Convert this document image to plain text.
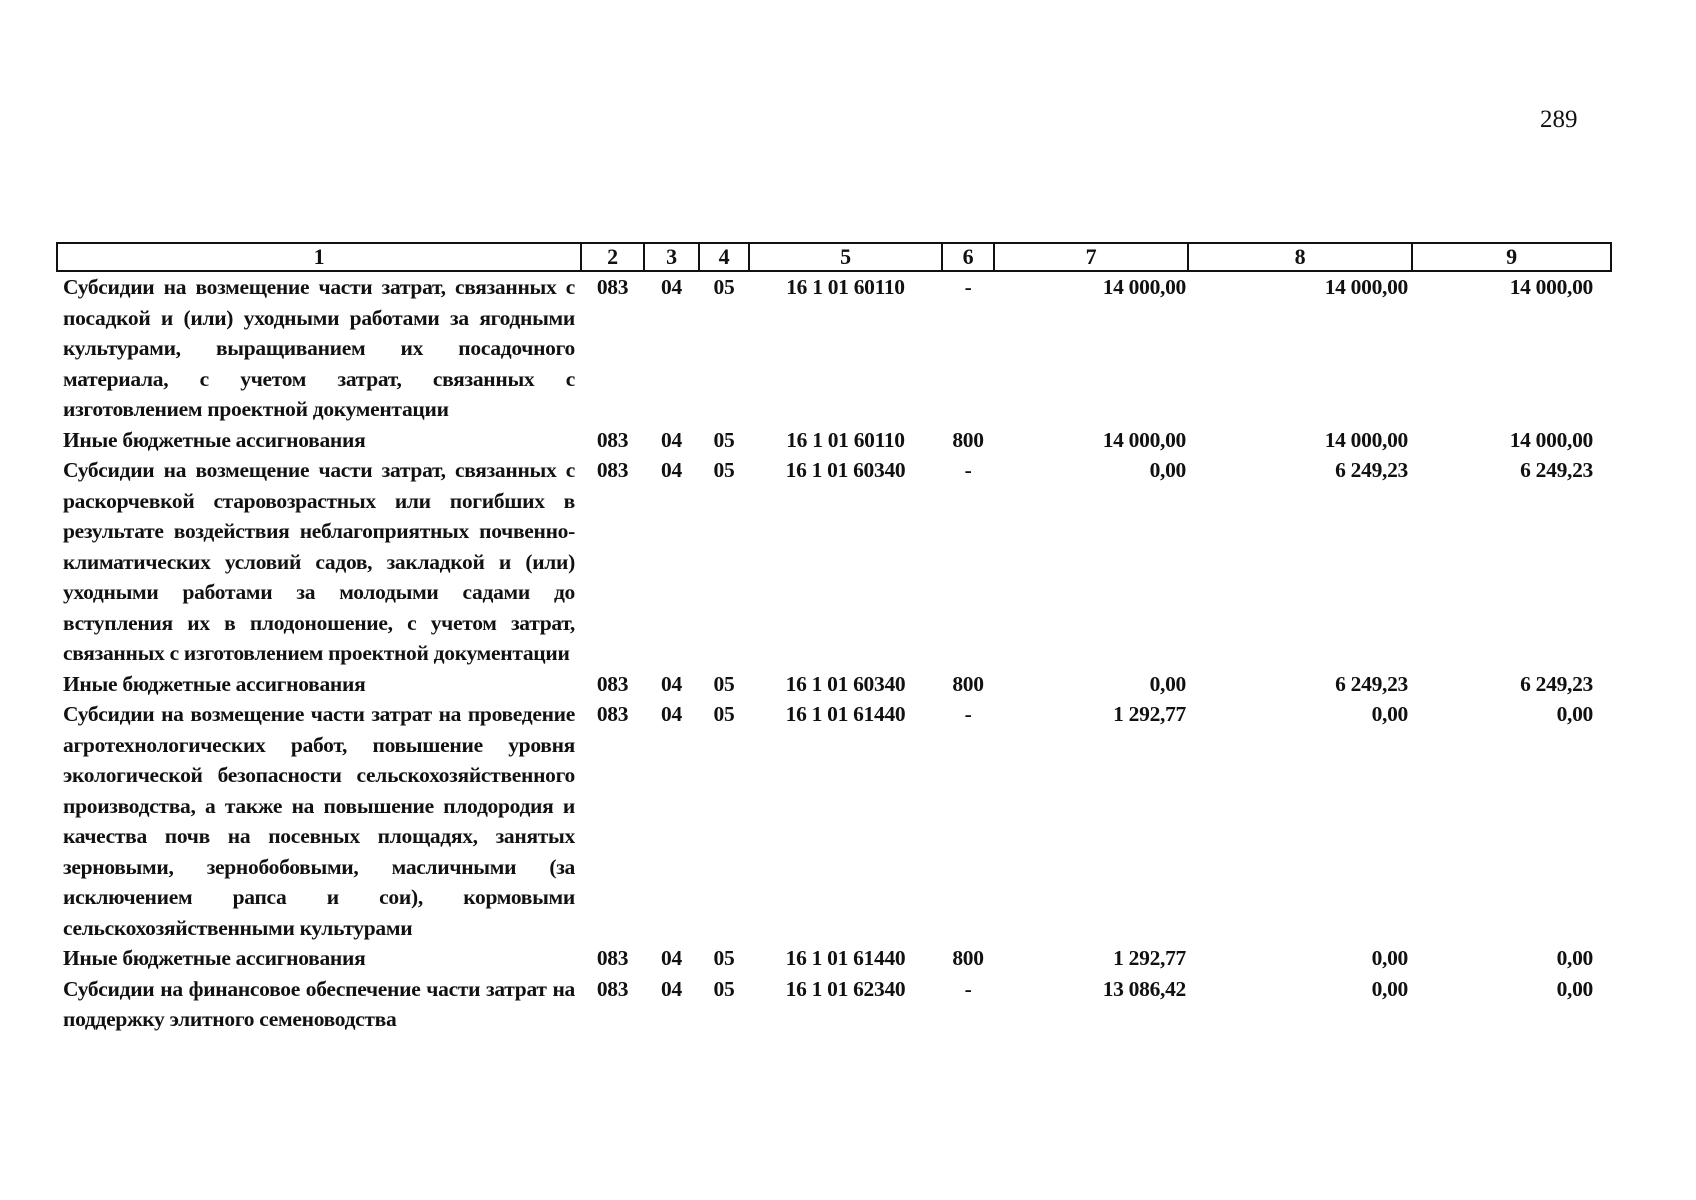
289
1	2	3	4	5	6	7	8	9
Субсидии на возмещение части затрат, связанных с посадкой и (или) уходными работами за ягодными культурами, выращиванием их посадочного материала, с учетом затрат, связанных с изготовлением проектной документации	083	04	05	16 1 01 60110	-	14 000,00	14 000,00	14 000,00
Иные бюджетные ассигнования	083	04	05	16 1 01 60110	800	14 000,00	14 000,00	14 000,00
Субсидии на возмещение части затрат, связанных с раскорчевкой старовозрастных или погибших в результате воздействия неблагоприятных почвенно-климатических условий садов, закладкой и (или) уходными работами за молодыми садами до вступления их в плодоношение, с учетом затрат, связанных с изготовлением проектной документации	083	04	05	16 1 01 60340	-	0,00	6 249,23	6 249,23
Иные бюджетные ассигнования	083	04	05	16 1 01 60340	800	0,00	6 249,23	6 249,23
Субсидии на возмещение части затрат на проведение агротехнологических работ, повышение уровня экологической безопасности сельскохозяйственного производства, а также на повышение плодородия и качества почв на посевных площадях, занятых зерновыми, зернобобовыми, масличными (за исключением рапса и сои), кормовыми сельскохозяйственными культурами	083	04	05	16 1 01 61440	-	1 292,77	0,00	0,00
Иные бюджетные ассигнования	083	04	05	16 1 01 61440	800	1 292,77	0,00	0,00
Субсидии на финансовое обеспечение части затрат на поддержку элитного семеноводства	083	04	05	16 1 01 62340	-	13 086,42	0,00	0,00
